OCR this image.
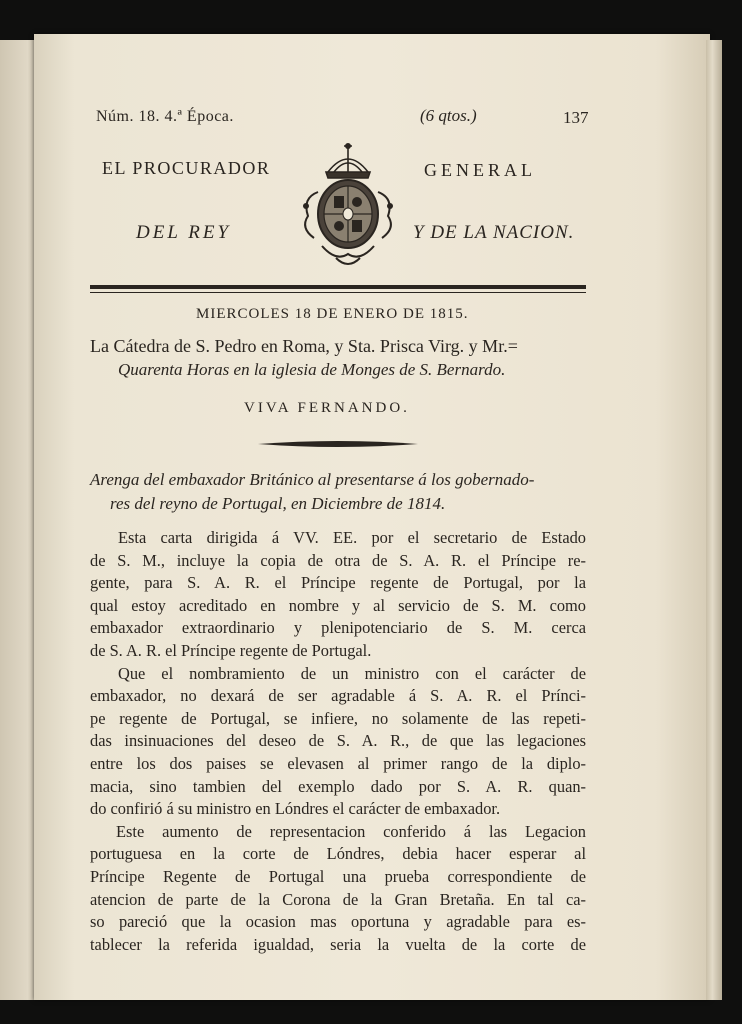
Núm. 18. 4.ª Época.	(6 qtos.)	137
EL PROCURADOR	GENERAL
DEL REY	Y DE LA NACION.
MIERCOLES 18 DE ENERO DE 1815.
La Cátedra de S. Pedro en Roma, y Sta. Prisca Virg. y Mr.=
Quarenta Horas en la iglesia de Monges de S. Bernardo.
VIVA FERNANDO.
Arenga del embaxador Británico al presentarse á los gobernado-
res del reyno de Portugal, en Diciembre de 1814.
Esta carta dirigida á VV. EE. por el secretario de Estado
de S. M., incluye la copia de otra de S. A. R. el Príncipe re-
gente, para S. A. R. el Príncipe regente de Portugal, por la
qual estoy acreditado en nombre y al servicio de S. M. como
embaxador extraordinario y plenipotenciario de S. M. cerca
de S. A. R. el Príncipe regente de Portugal.
Que el nombramiento de un ministro con el carácter de
embaxador, no dexará de ser agradable á S. A. R. el Prínci-
pe regente de Portugal, se infiere, no solamente de las repeti-
das insinuaciones del deseo de S. A. R., de que las legaciones
entre los dos paises se elevasen al primer rango de la diplo-
macia, sino tambien del exemplo dado por S. A. R. quan-
do confirió á su ministro en Lóndres el carácter de embaxador.
Este aumento de representacion conferido á las Legacion
portuguesa en la corte de Lóndres, debia hacer esperar al
Príncipe Regente de Portugal una prueba correspondiente de
atencion de parte de la Corona de la Gran Bretaña. En tal ca-
so pareció que la ocasion mas oportuna y agradable para es-
tablecer la referida igualdad, seria la vuelta de la corte de
